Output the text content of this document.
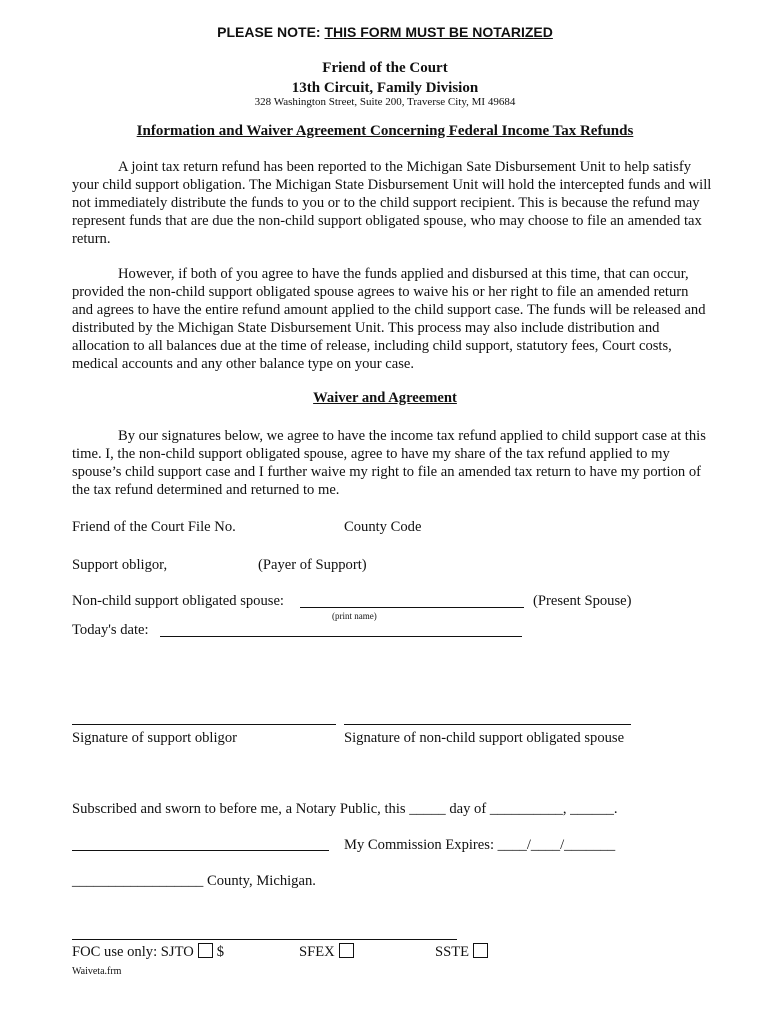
PLEASE NOTE: THIS FORM MUST BE NOTARIZED
Friend of the Court
13th Circuit, Family Division
328 Washington Street, Suite 200, Traverse City, MI 49684
Information and Waiver Agreement Concerning Federal Income Tax Refunds

A joint tax return refund has been reported to the Michigan Sate Disbursement Unit to help satisfy your child support obligation. The Michigan State Disbursement Unit will hold the intercepted funds and will not immediately distribute the funds to you or to the child support recipient. This is because the refund may represent funds that are due the non-child support obligated spouse, who may choose to file an amended tax return.

However, if both of you agree to have the funds applied and disbursed at this time, that can occur, provided the non-child support obligated spouse agrees to waive his or her right to file an amended return and agrees to have the entire refund amount applied to the child support case. The funds will be released and distributed by the Michigan State Disbursement Unit. This process may also include distribution and allocation to all balances due at the time of release, including child support, statutory fees, Court costs, medical accounts and any other balance type on your case.

Waiver and Agreement

By our signatures below, we agree to have the income tax refund applied to child support case at this time. I, the non-child support obligated spouse, agree to have my share of the tax refund applied to my spouse’s child support case and I further waive my right to file an amended tax return to have my portion of the tax refund determined and returned to me.

Friend of the Court File No.	County Code
Support obligor,	(Payer of Support)
Non-child support obligated spouse:	(Present Spouse)
(print name)
Today's date:
Signature of support obligor	Signature of non-child support obligated spouse
Subscribed and sworn to before me, a Notary Public, this _____ day of __________, ______.
My Commission Expires: ____/____/_______
__________________ County, Michigan.
FOC use only: SJTO $	SFEX	SSTE
Waiveta.frm
